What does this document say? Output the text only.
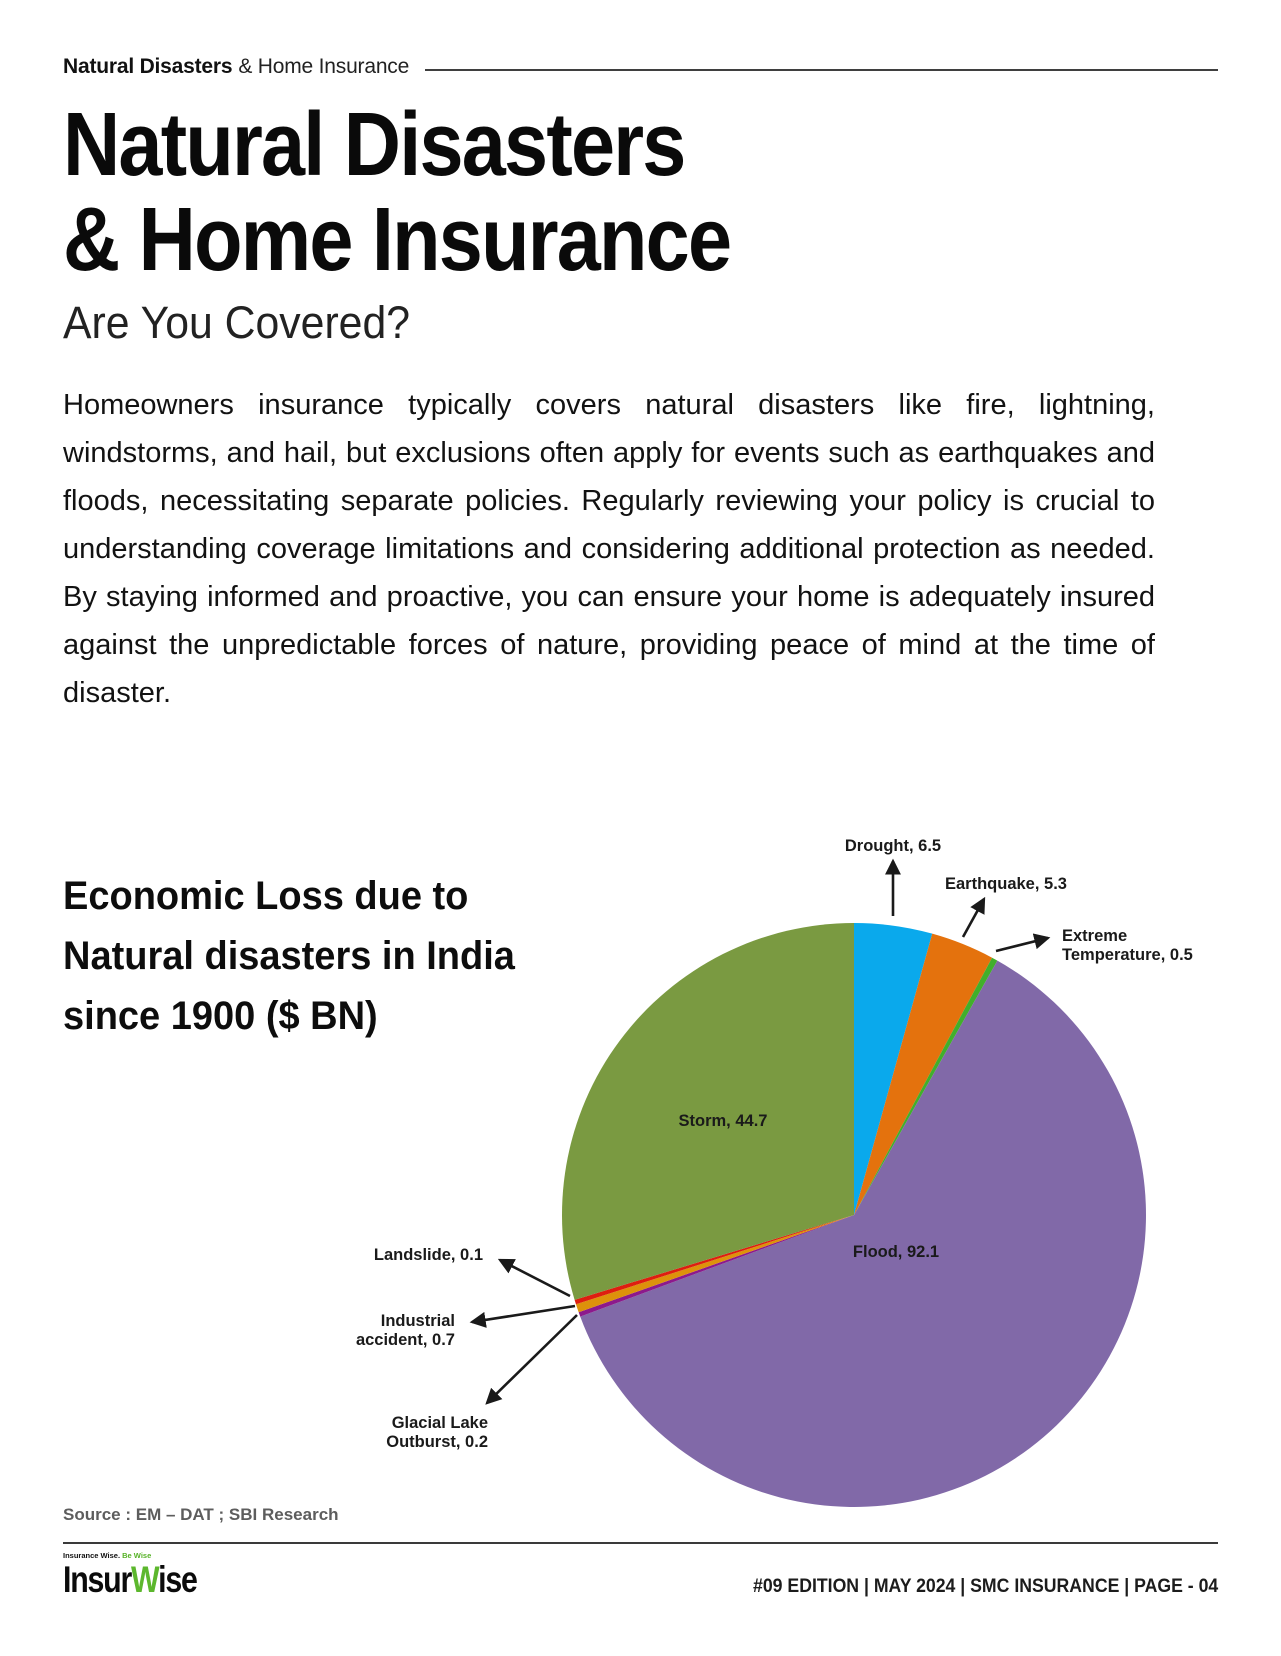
Natural Disasters & Home Insurance
Natural Disasters
& Home Insurance
Are You Covered?
Homeowners insurance typically covers natural disasters like fire, lightning, windstorms, and hail, but exclusions often apply for events such as earthquakes and floods, necessitating separate policies. Regularly reviewing your policy is crucial to understanding coverage limitations and considering additional protection as needed. By staying informed and proactive, you can ensure your home is adequately insured against the unpredictable forces of nature, providing peace of mind at the time of disaster.
Economic Loss due to
Natural disasters in India
since 1900 ($ BN)
Drought, 6.5
Earthquake, 5.3
Extreme
Temperature, 0.5
Storm, 44.7
Flood, 92.1
Landslide, 0.1
Industrial
accident, 0.7
Glacial Lake
Outburst, 0.2
Source : EM – DAT ; SBI Research
Insurance Wise. Be Wise
InsurWise	#09 EDITION | MAY 2024 | SMC INSURANCE | PAGE - 04
